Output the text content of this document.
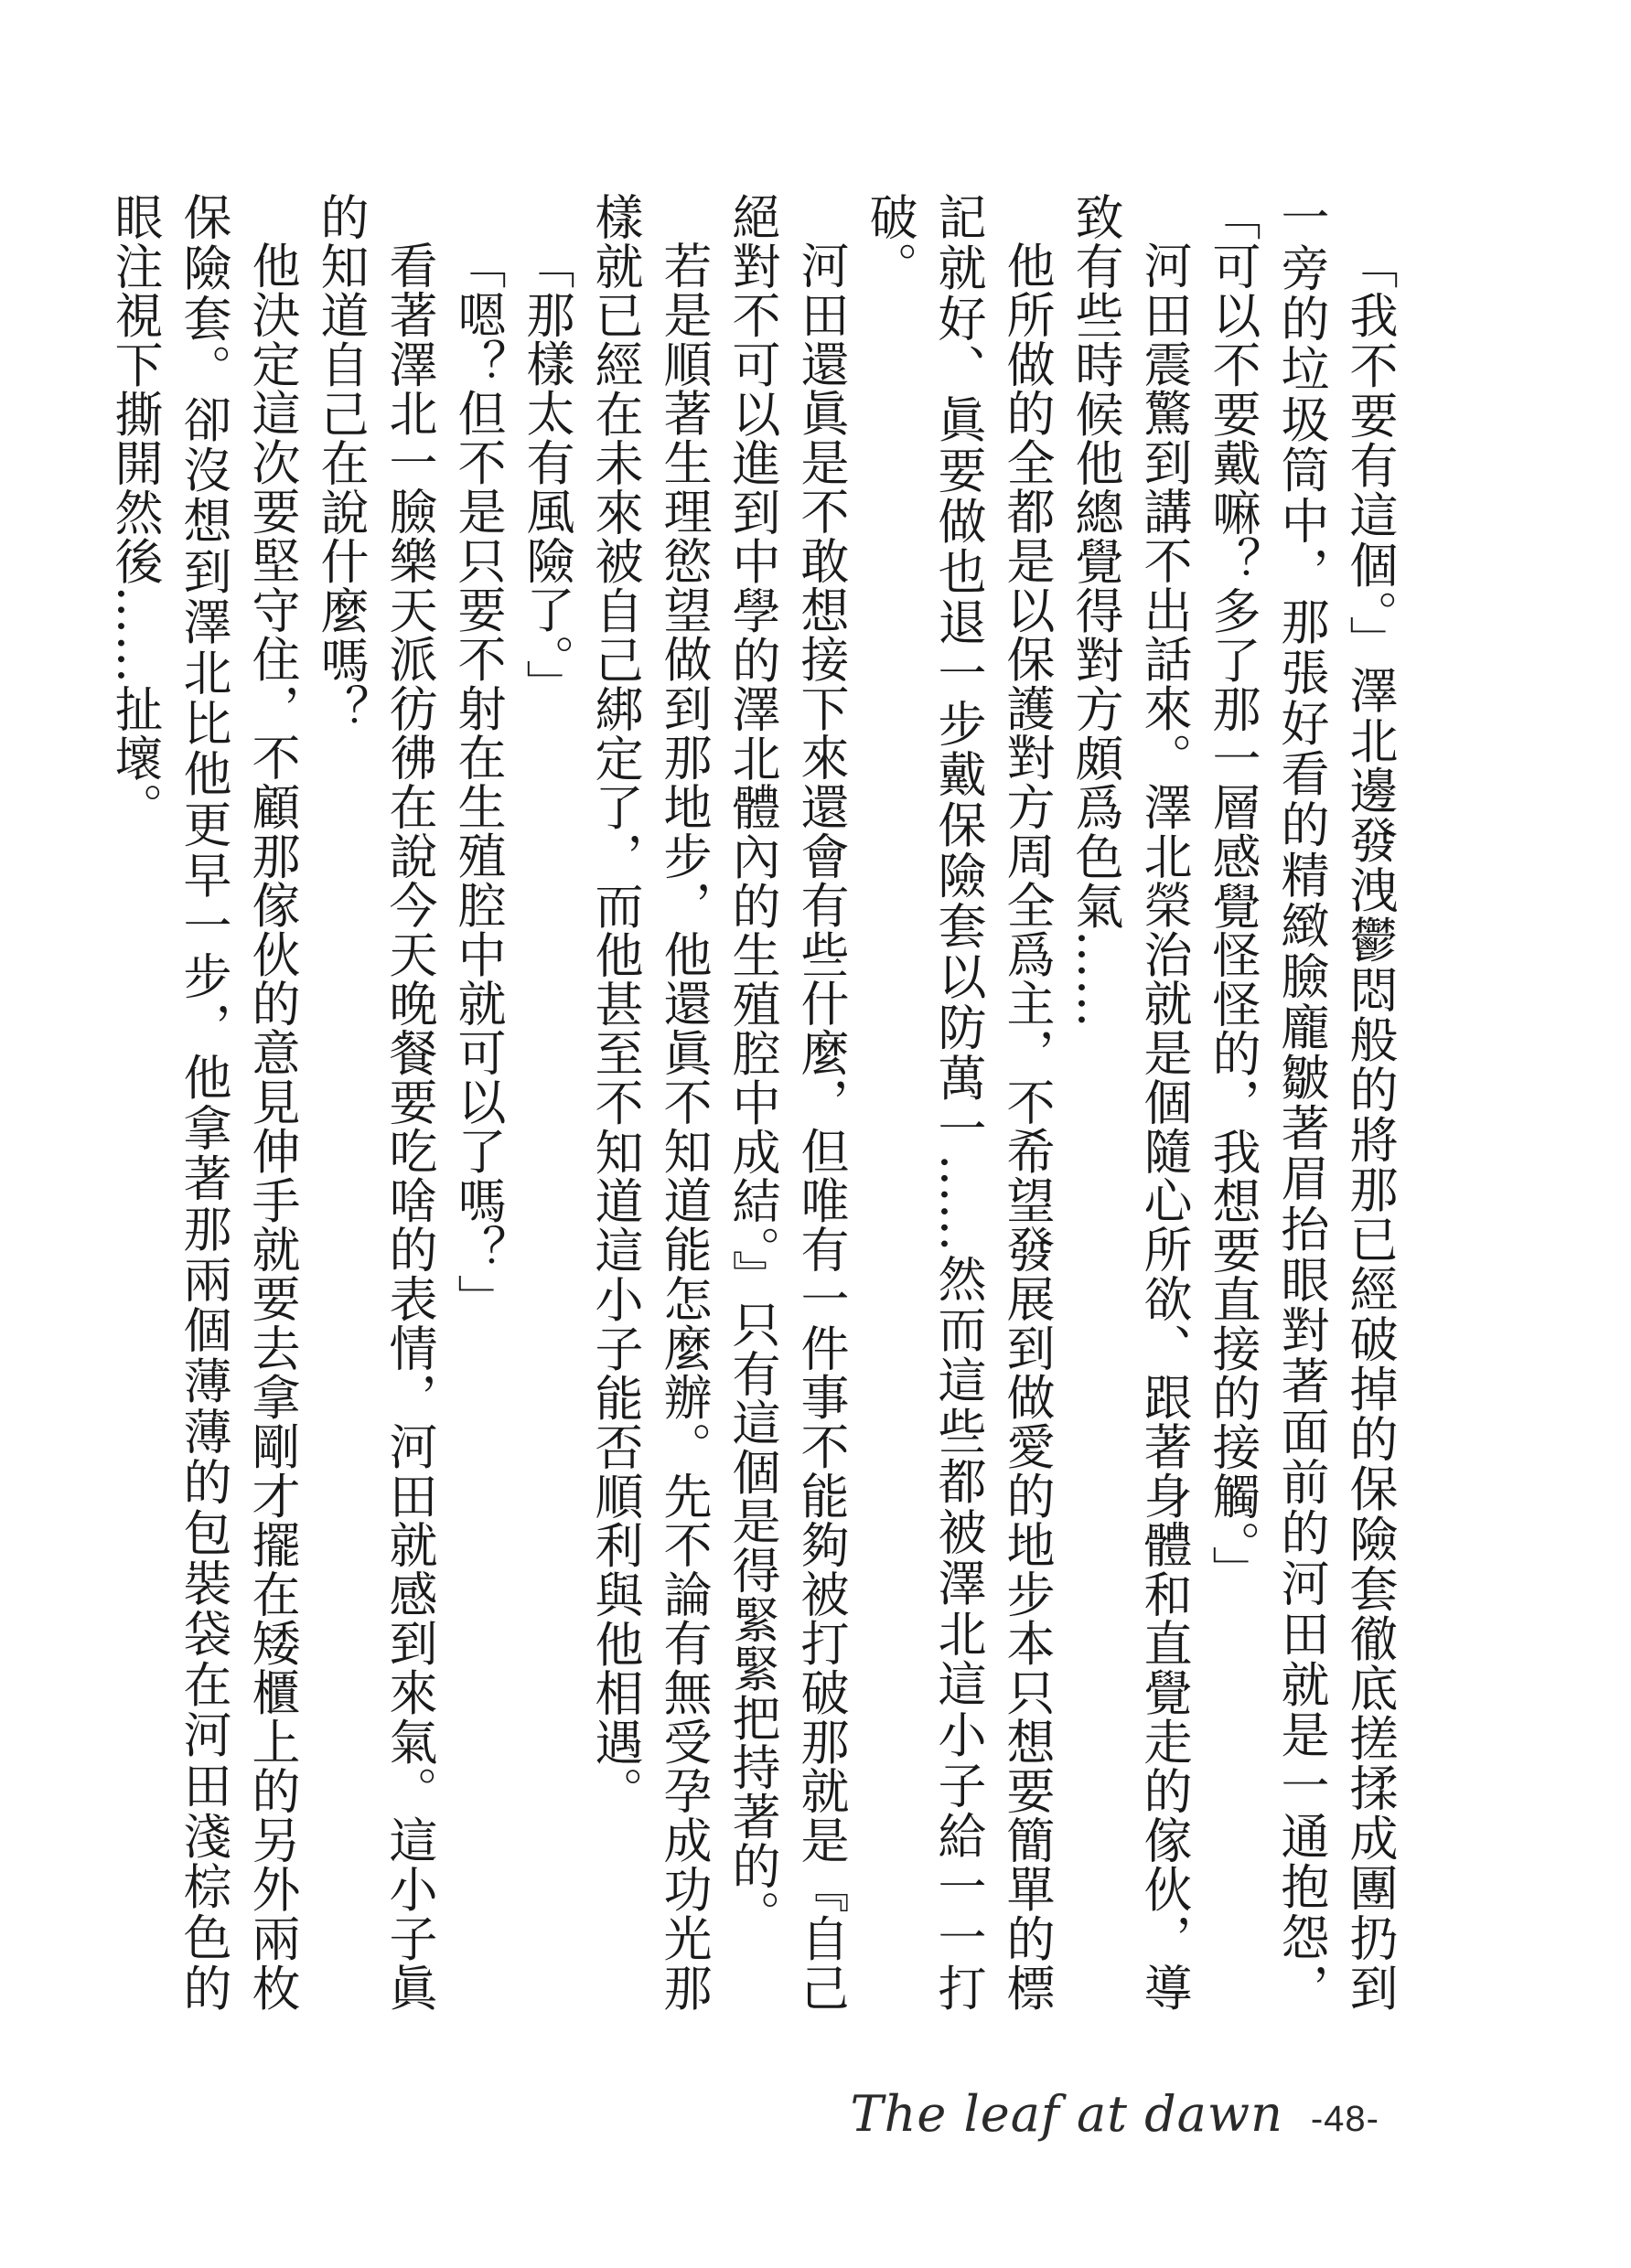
「我不要有這個。」澤北邊發洩鬱悶般的將那已經破掉的保險套徹底搓揉成團扔到一旁的垃圾筒中，那張好看的精緻臉龐皺著眉抬眼對著面前的河田就是一通抱怨，「可以不要戴嘛？多了那一層感覺怪怪的，我想要直接的接觸。」

河田震驚到講不出話來。澤北榮治就是個隨心所欲、跟著身體和直覺走的傢伙，導致有些時候他總覺得對方頗爲色氣……

他所做的全都是以保護對方周全爲主，不希望發展到做愛的地步本只想要簡單的標記就好、眞要做也退一步戴保險套以防萬一……然而這些都被澤北這小子給一一打破。

河田還眞是不敢想接下來還會有些什麼，但唯有一件事不能夠被打破那就是『自己絕對不可以進到中學的澤北體內的生殖腔中成結。』只有這個是得緊緊把持著的。

若是順著生理慾望做到那地步，他還眞不知道能怎麼辦。先不論有無受孕成功光那樣就已經在未來被自己綁定了，而他甚至不知道這小子能否順利與他相遇。

「那樣太有風險了。」

「嗯？但不是只要不射在生殖腔中就可以了嗎？」

看著澤北一臉樂天派彷彿在說今天晚餐要吃啥的表情，河田就感到來氣。這小子眞的知道自己在說什麼嗎？

他決定這次要堅守住，不顧那傢伙的意見伸手就要去拿剛才擺在矮櫃上的另外兩枚保險套。卻沒想到澤北比他更早一步，他拿著那兩個薄薄的包裝袋在河田淺棕色的眼注視下撕開然後……扯壞。

The leaf at dawn -48-
